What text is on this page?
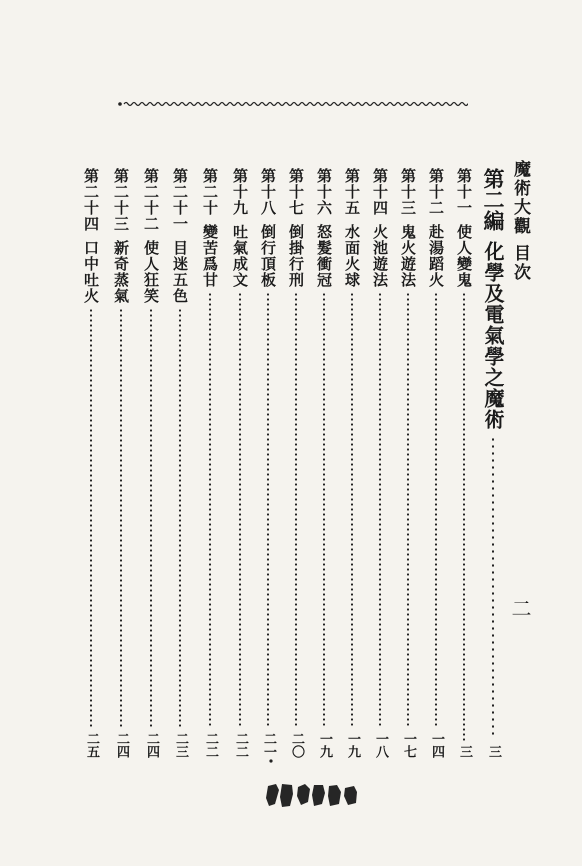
魔術大觀 目次
二
第二編
化學及電氣學之魔術
三
第十一
使人變鬼
三
第十二
赴湯蹈火
一四
第十三
鬼火遊法
一七
第十四
火池遊法
一八
第十五
水面火球
一九
第十六
怒髮衝冠
一九
第十七
倒掛行刑
二〇
第十八
倒行頂板
二一
第十九
吐氣成文
二二
第二十
變苦爲甘
二二
第二十一
目迷五色
二三
第二十二
使人狂笑
二四
第二十三
新奇蒸氣
二四
第二十四
口中吐火
二五
